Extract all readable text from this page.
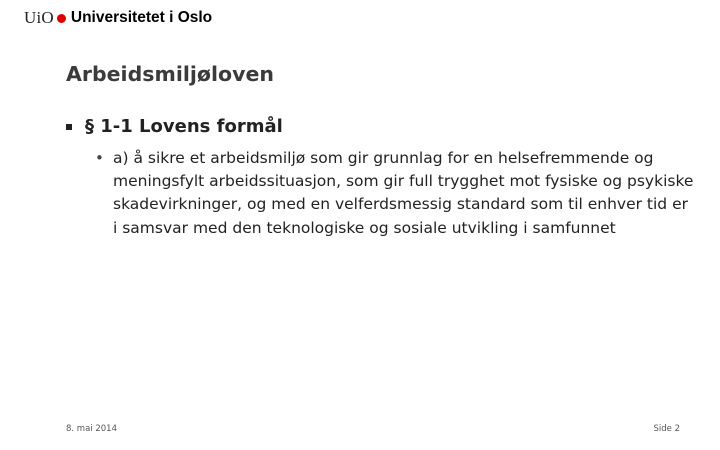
UiO Universitetet i Oslo
Arbeidsmiljøloven
§ 1-1 Lovens formål
• a) å sikre et arbeidsmiljø som gir grunnlag for en helsefremmende og meningsfylt arbeidssituasjon, som gir full trygghet mot fysiske og psykiske skadevirkninger, og med en velferdsmessig standard som til enhver tid er i samsvar med den teknologiske og sosiale utvikling i samfunnet
8. mai 2014	Side 2
